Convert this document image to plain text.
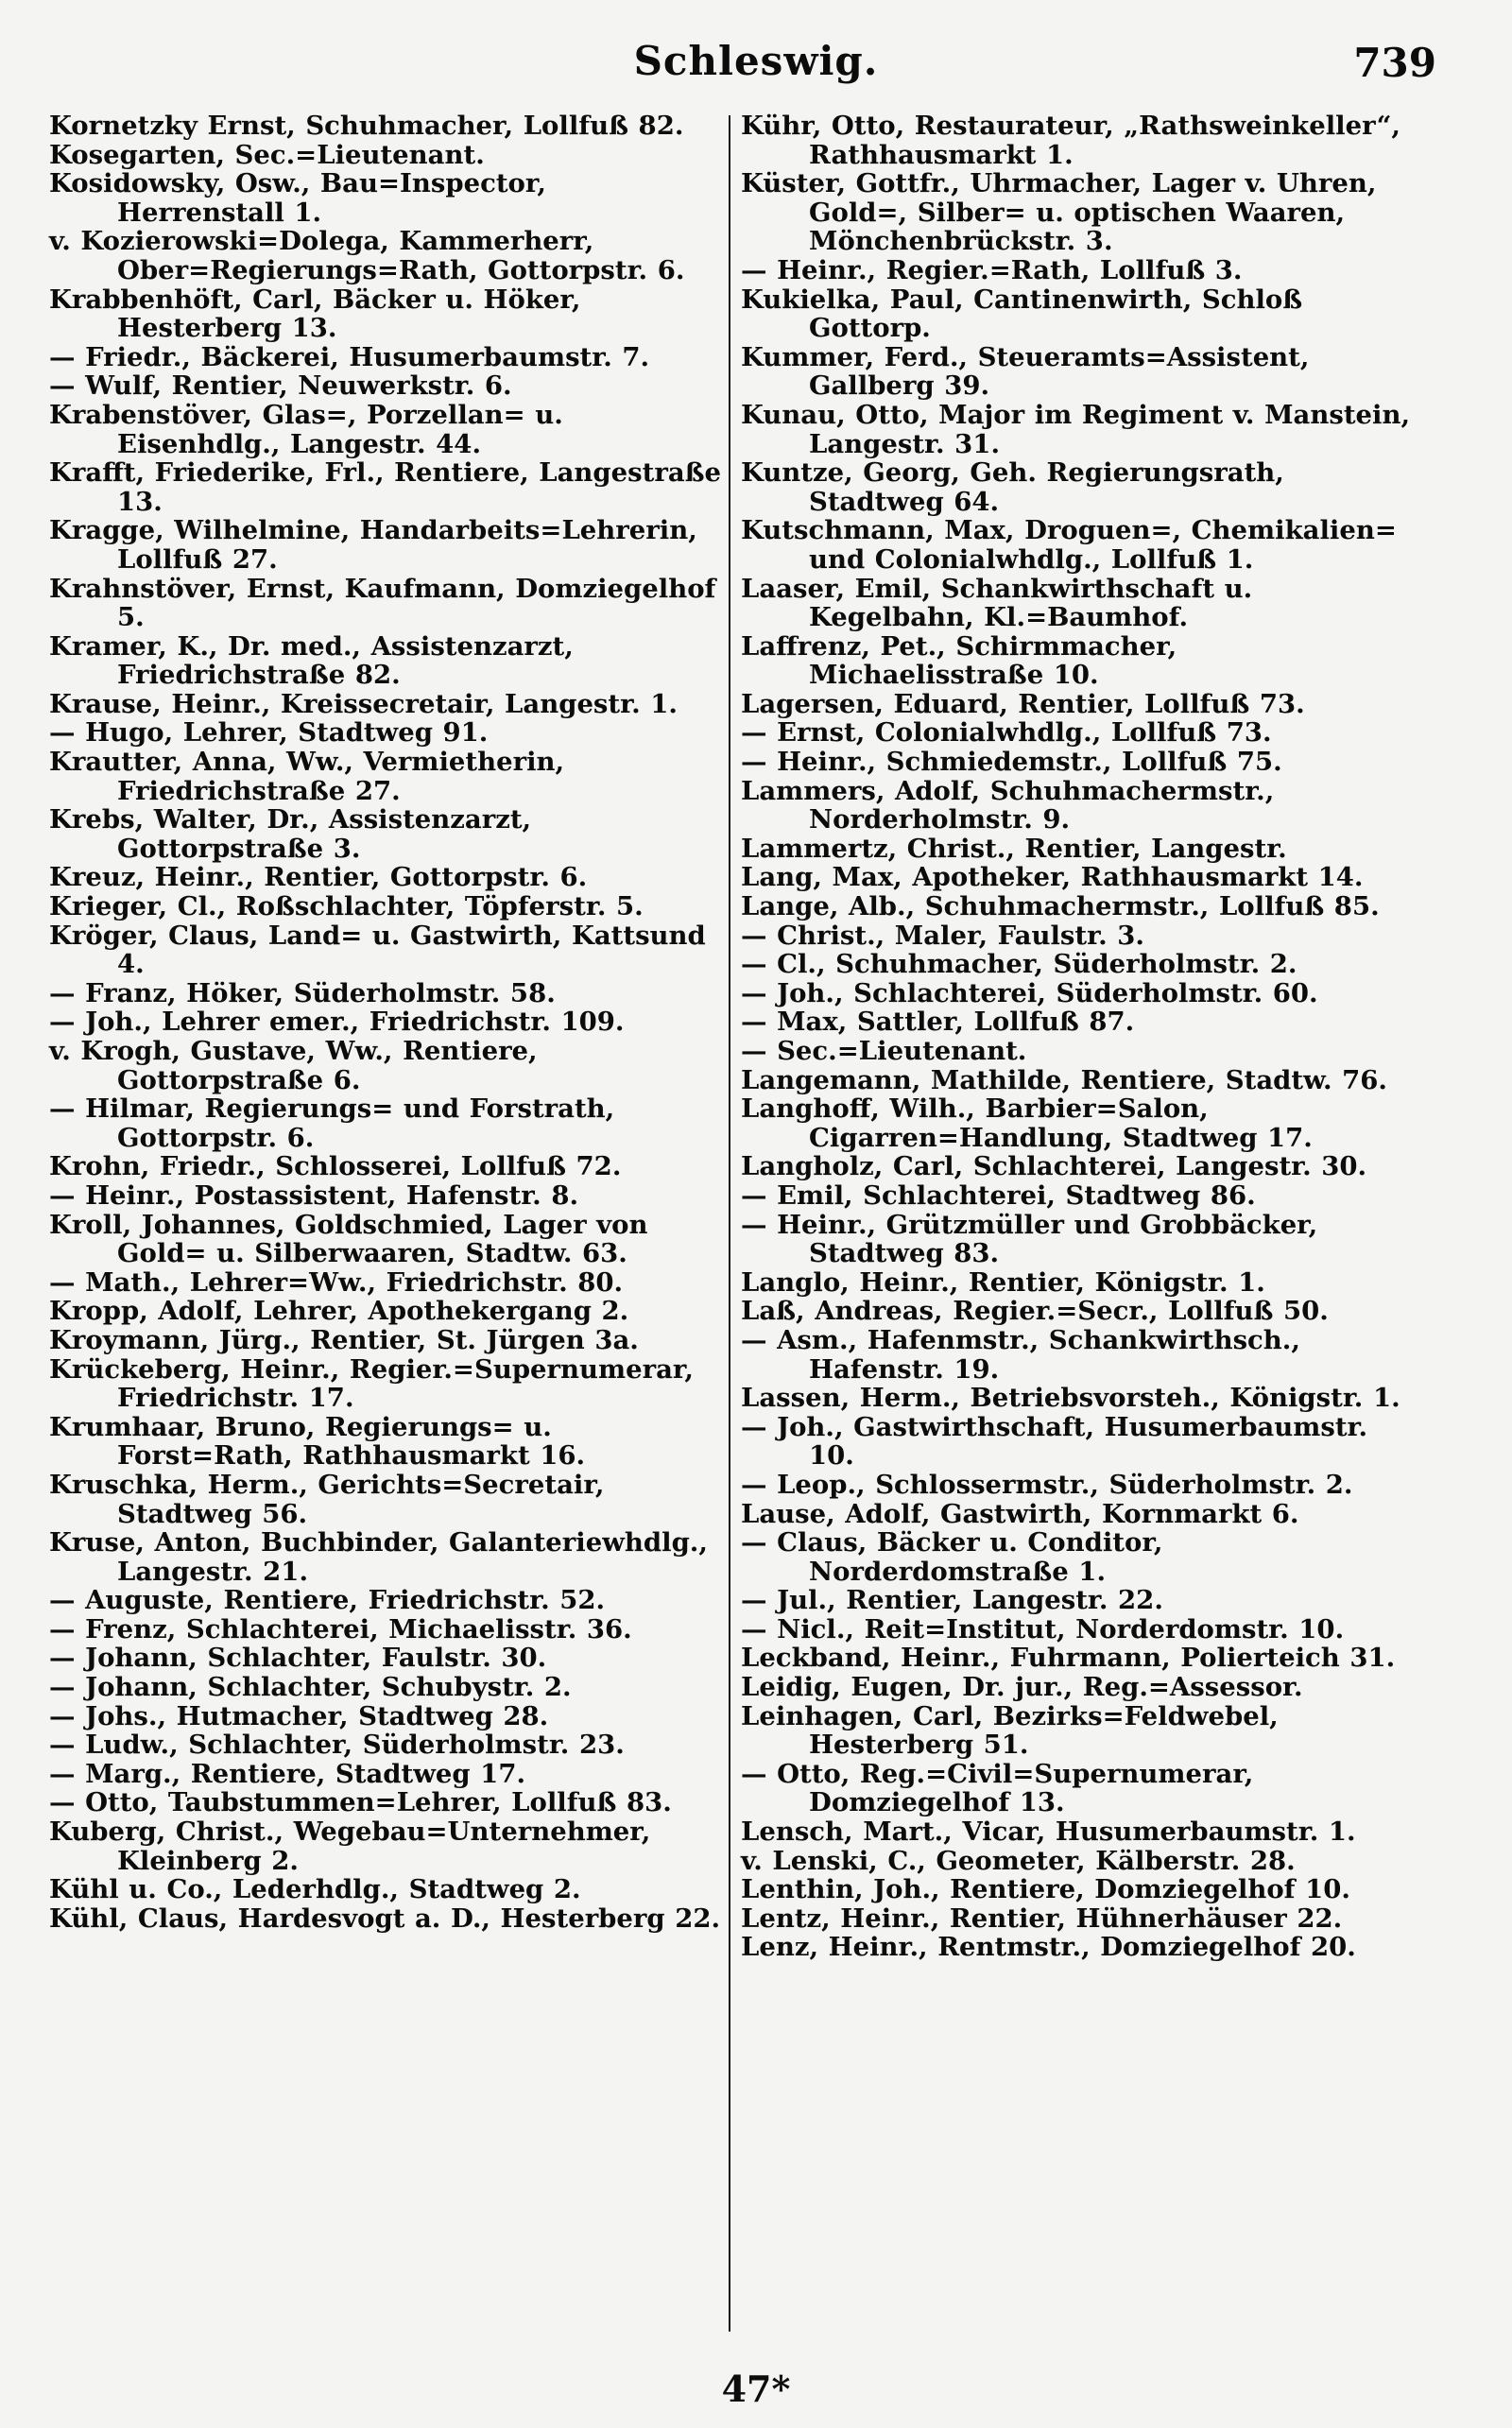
Schleswig.	739

Kornetzky Ernst, Schuhmacher, Lollfuß 82.

Kosegarten, Sec.=Lieutenant.

Kosidowsky, Osw., Bau=Inspector, Herrenstall 1.

v. Kozierowski=Dolega, Kammerherr, Ober=Regierungs=Rath, Gottorpstr. 6.

Krabbenhöft, Carl, Bäcker u. Höker, Hesterberg 13.

— Friedr., Bäckerei, Husumerbaumstr. 7.

— Wulf, Rentier, Neuwerkstr. 6.

Krabenstöver, Glas=, Porzellan= u. Eisenhdlg., Langestr. 44.

Krafft, Friederike, Frl., Rentiere, Langestraße 13.

Kragge, Wilhelmine, Handarbeits=Lehrerin, Lollfuß 27.

Krahnstöver, Ernst, Kaufmann, Domziegelhof 5.

Kramer, K., Dr. med., Assistenzarzt, Friedrichstraße 82.

Krause, Heinr., Kreissecretair, Langestr. 1.

— Hugo, Lehrer, Stadtweg 91.

Krautter, Anna, Ww., Vermietherin, Friedrichstraße 27.

Krebs, Walter, Dr., Assistenzarzt, Gottorpstraße 3.

Kreuz, Heinr., Rentier, Gottorpstr. 6.

Krieger, Cl., Roßschlachter, Töpferstr. 5.

Kröger, Claus, Land= u. Gastwirth, Kattsund 4.

— Franz, Höker, Süderholmstr. 58.

— Joh., Lehrer emer., Friedrichstr. 109.

v. Krogh, Gustave, Ww., Rentiere, Gottorpstraße 6.

— Hilmar, Regierungs= und Forstrath, Gottorpstr. 6.

Krohn, Friedr., Schlosserei, Lollfuß 72.

— Heinr., Postassistent, Hafenstr. 8.

Kroll, Johannes, Goldschmied, Lager von Gold= u. Silberwaaren, Stadtw. 63.

— Math., Lehrer=Ww., Friedrichstr. 80.

Kropp, Adolf, Lehrer, Apothekergang 2.

Kroymann, Jürg., Rentier, St. Jürgen 3a.

Krückeberg, Heinr., Regier.=Supernumerar, Friedrichstr. 17.

Krumhaar, Bruno, Regierungs= u. Forst=Rath, Rathhausmarkt 16.

Kruschka, Herm., Gerichts=Secretair, Stadtweg 56.

Kruse, Anton, Buchbinder, Galanteriewhdlg., Langestr. 21.

— Auguste, Rentiere, Friedrichstr. 52.

— Frenz, Schlachterei, Michaelisstr. 36.

— Johann, Schlachter, Faulstr. 30.

— Johann, Schlachter, Schubystr. 2.

— Johs., Hutmacher, Stadtweg 28.

— Ludw., Schlachter, Süderholmstr. 23.

— Marg., Rentiere, Stadtweg 17.

— Otto, Taubstummen=Lehrer, Lollfuß 83.

Kuberg, Christ., Wegebau=Unternehmer, Kleinberg 2.

Kühl u. Co., Lederhdlg., Stadtweg 2.

Kühl, Claus, Hardesvogt a. D., Hesterberg 22.

Kühr, Otto, Restaurateur, „Rathsweinkeller“, Rathhausmarkt 1.

Küster, Gottfr., Uhrmacher, Lager v. Uhren, Gold=, Silber= u. optischen Waaren, Mönchenbrückstr. 3.

— Heinr., Regier.=Rath, Lollfuß 3.

Kukielka, Paul, Cantinenwirth, Schloß Gottorp.

Kummer, Ferd., Steueramts=Assistent, Gallberg 39.

Kunau, Otto, Major im Regiment v. Manstein, Langestr. 31.

Kuntze, Georg, Geh. Regierungsrath, Stadtweg 64.

Kutschmann, Max, Droguen=, Chemikalien= und Colonialwhdlg., Lollfuß 1.

Laaser, Emil, Schankwirthschaft u. Kegelbahn, Kl.=Baumhof.

Laffrenz, Pet., Schirmmacher, Michaelisstraße 10.

Lagersen, Eduard, Rentier, Lollfuß 73.

— Ernst, Colonialwhdlg., Lollfuß 73.

— Heinr., Schmiedemstr., Lollfuß 75.

Lammers, Adolf, Schuhmachermstr., Norderholmstr. 9.

Lammertz, Christ., Rentier, Langestr.

Lang, Max, Apotheker, Rathhausmarkt 14.

Lange, Alb., Schuhmachermstr., Lollfuß 85.

— Christ., Maler, Faulstr. 3.

— Cl., Schuhmacher, Süderholmstr. 2.

— Joh., Schlachterei, Süderholmstr. 60.

— Max, Sattler, Lollfuß 87.

— Sec.=Lieutenant.

Langemann, Mathilde, Rentiere, Stadtw. 76.

Langhoff, Wilh., Barbier=Salon, Cigarren=Handlung, Stadtweg 17.

Langholz, Carl, Schlachterei, Langestr. 30.

— Emil, Schlachterei, Stadtweg 86.

— Heinr., Grützmüller und Grobbäcker, Stadtweg 83.

Langlo, Heinr., Rentier, Königstr. 1.

Laß, Andreas, Regier.=Secr., Lollfuß 50.

— Asm., Hafenmstr., Schankwirthsch., Hafenstr. 19.

Lassen, Herm., Betriebsvorsteh., Königstr. 1.

— Joh., Gastwirthschaft, Husumerbaumstr. 10.

— Leop., Schlossermstr., Süderholmstr. 2.

Lause, Adolf, Gastwirth, Kornmarkt 6.

— Claus, Bäcker u. Conditor, Norderdomstraße 1.

— Jul., Rentier, Langestr. 22.

— Nicl., Reit=Institut, Norderdomstr. 10.

Leckband, Heinr., Fuhrmann, Polierteich 31.

Leidig, Eugen, Dr. jur., Reg.=Assessor.

Leinhagen, Carl, Bezirks=Feldwebel, Hesterberg 51.

— Otto, Reg.=Civil=Supernumerar, Domziegelhof 13.

Lensch, Mart., Vicar, Husumerbaumstr. 1.

v. Lenski, C., Geometer, Kälberstr. 28.

Lenthin, Joh., Rentiere, Domziegelhof 10.

Lentz, Heinr., Rentier, Hühnerhäuser 22.

Lenz, Heinr., Rentmstr., Domziegelhof 20.

47*
